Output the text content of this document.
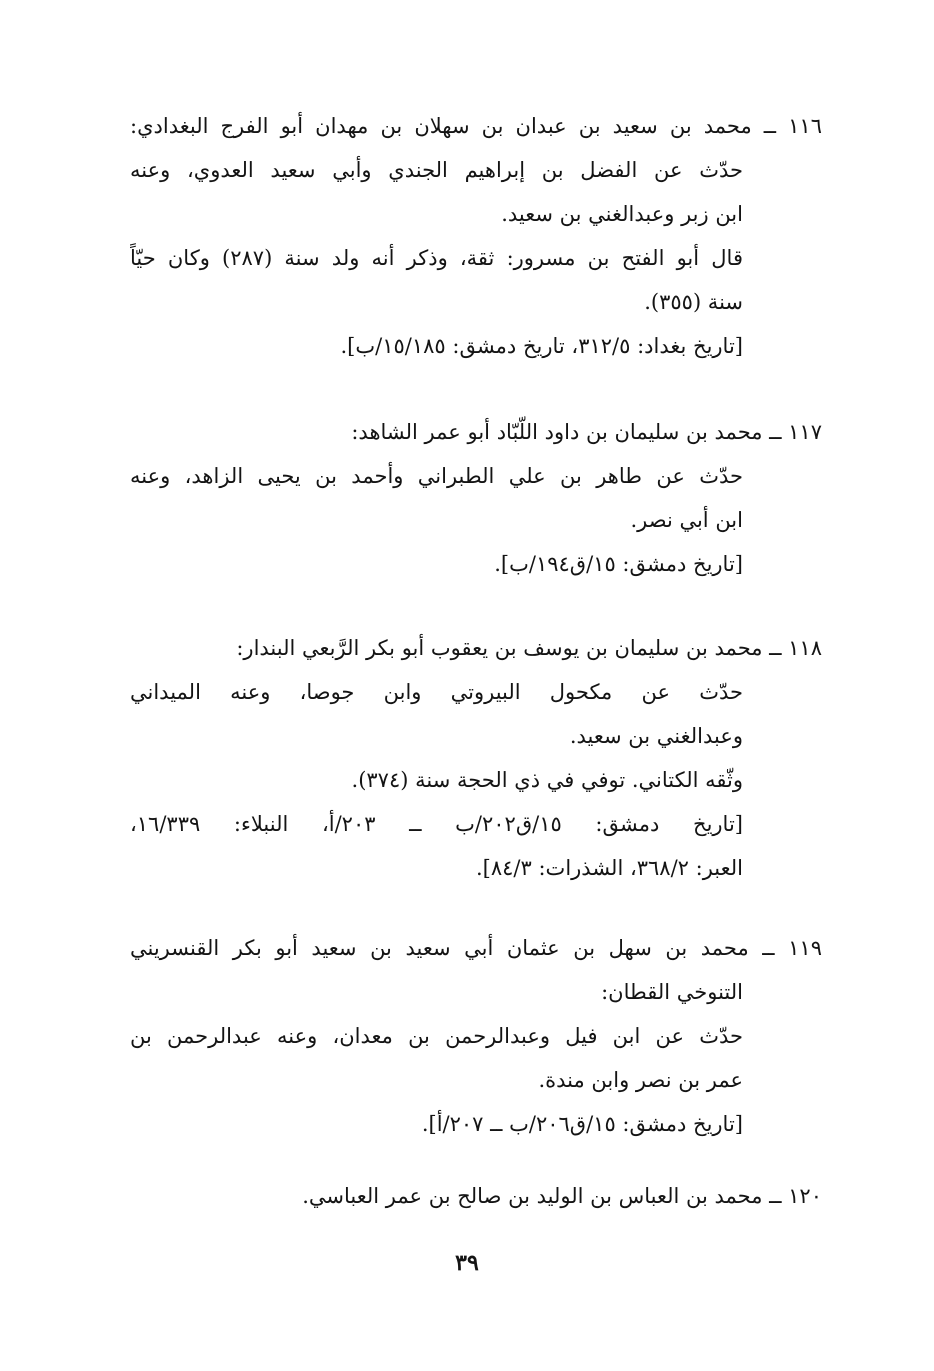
١١٦ ــ محمد بن سعيد بن عبدان بن سهلان بن مهدان أبو الفرج البغدادي:
حدّث عن الفضل بن إبراهيم الجندي وأبي سعيد العدوي، وعنه
ابن زبر وعبدالغني بن سعيد.
قال أبو الفتح بن مسرور: ثقة، وذكر أنه ولد سنة (٢٨٧) وكان حيّاً
سنة (٣٥٥).
[تاريخ بغداد: ٣١٢/٥، تاريخ دمشق: ١٥/١٨٥/ب].
١١٧ ــ محمد بن سليمان بن داود اللّبّاد أبو عمر الشاهد:
حدّث عن طاهر بن علي الطبراني وأحمد بن يحيى الزاهد، وعنه
ابن أبي نصر.
[تاريخ دمشق: ١٥/ق١٩٤/ب].
١١٨ ــ محمد بن سليمان بن يوسف بن يعقوب أبو بكر الرَّبعي البندار:
حدّث عن مكحول البيروتي وابن جوصا، وعنه الميداني
وعبدالغني بن سعيد.
وثّقه الكتاني. توفي في ذي الحجة سنة (٣٧٤).
[تاريخ دمشق: ١٥/ق٢٠٢/ب ــ ٢٠٣/أ، النبلاء: ١٦/٣٣٩،
العبر: ٣٦٨/٢، الشذرات: ٨٤/٣].
١١٩ ــ محمد بن سهل بن عثمان أبي سعيد بن سعيد أبو بكر القنسريني
التنوخي القطان:
حدّث عن ابن فيل وعبدالرحمن بن معدان، وعنه عبدالرحمن بن
عمر بن نصر وابن مندة.
[تاريخ دمشق: ١٥/ق٢٠٦/ب ــ ٢٠٧/أ].
١٢٠ ــ محمد بن العباس بن الوليد بن صالح بن عمر العباسي.
٣٩
